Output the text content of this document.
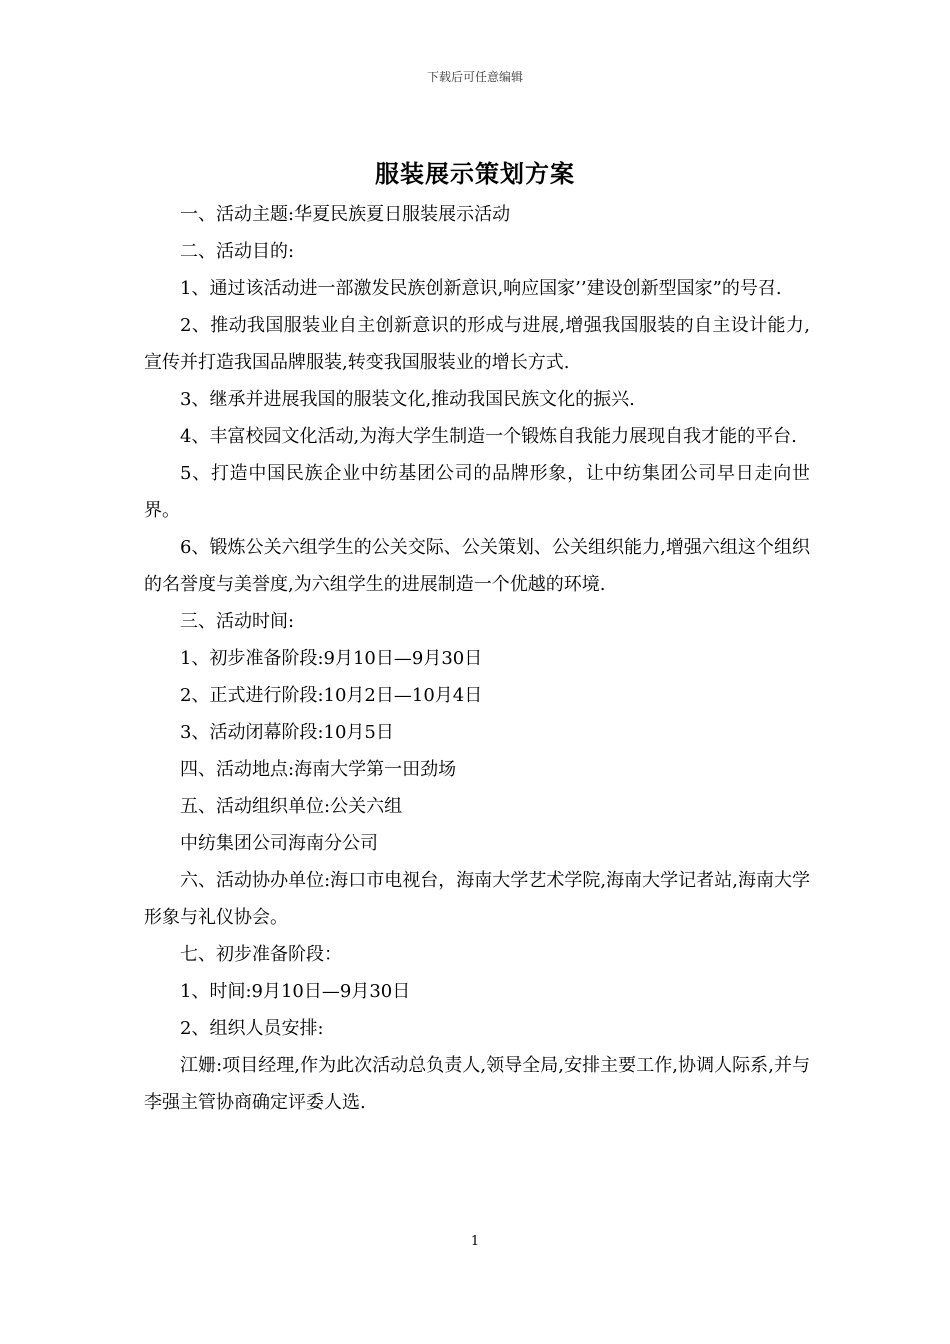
下载后可任意编辑
服装展示策划方案

一、活动主题:华夏民族夏日服装展示活动

二、活动目的:

1、通过该活动进一部激发民族创新意识,响应国家’’建设创新型国家”的号召.

2、推动我国服装业自主创新意识的形成与进展,增强我国服装的自主设计能力,宣传并打造我国品牌服装,转变我国服装业的增长方式.

3、继承并进展我国的服装文化,推动我国民族文化的振兴.

4、丰富校园文化活动,为海大学生制造一个锻炼自我能力展现自我才能的平台.

5、打造中国民族企业中纺基团公司的品牌形象，让中纺集团公司早日走向世界。

6、锻炼公关六组学生的公关交际、公关策划、公关组织能力,增强六组这个组织的名誉度与美誉度,为六组学生的进展制造一个优越的环境.

三、活动时间:

1、初步准备阶段:9月10日—9月30日

2、正式进行阶段:10月2日—10月4日

3、活动闭幕阶段:10月5日

四、活动地点:海南大学第一田劲场

五、活动组织单位:公关六组

中纺集团公司海南分公司

六、活动协办单位:海口市电视台，海南大学艺术学院,海南大学记者站,海南大学形象与礼仪协会。

七、初步准备阶段：

1、时间:9月10日—9月30日

2、组织人员安排:

江姗:项目经理,作为此次活动总负责人,领导全局,安排主要工作,协调人际系,并与李强主管协商确定评委人选.

1
